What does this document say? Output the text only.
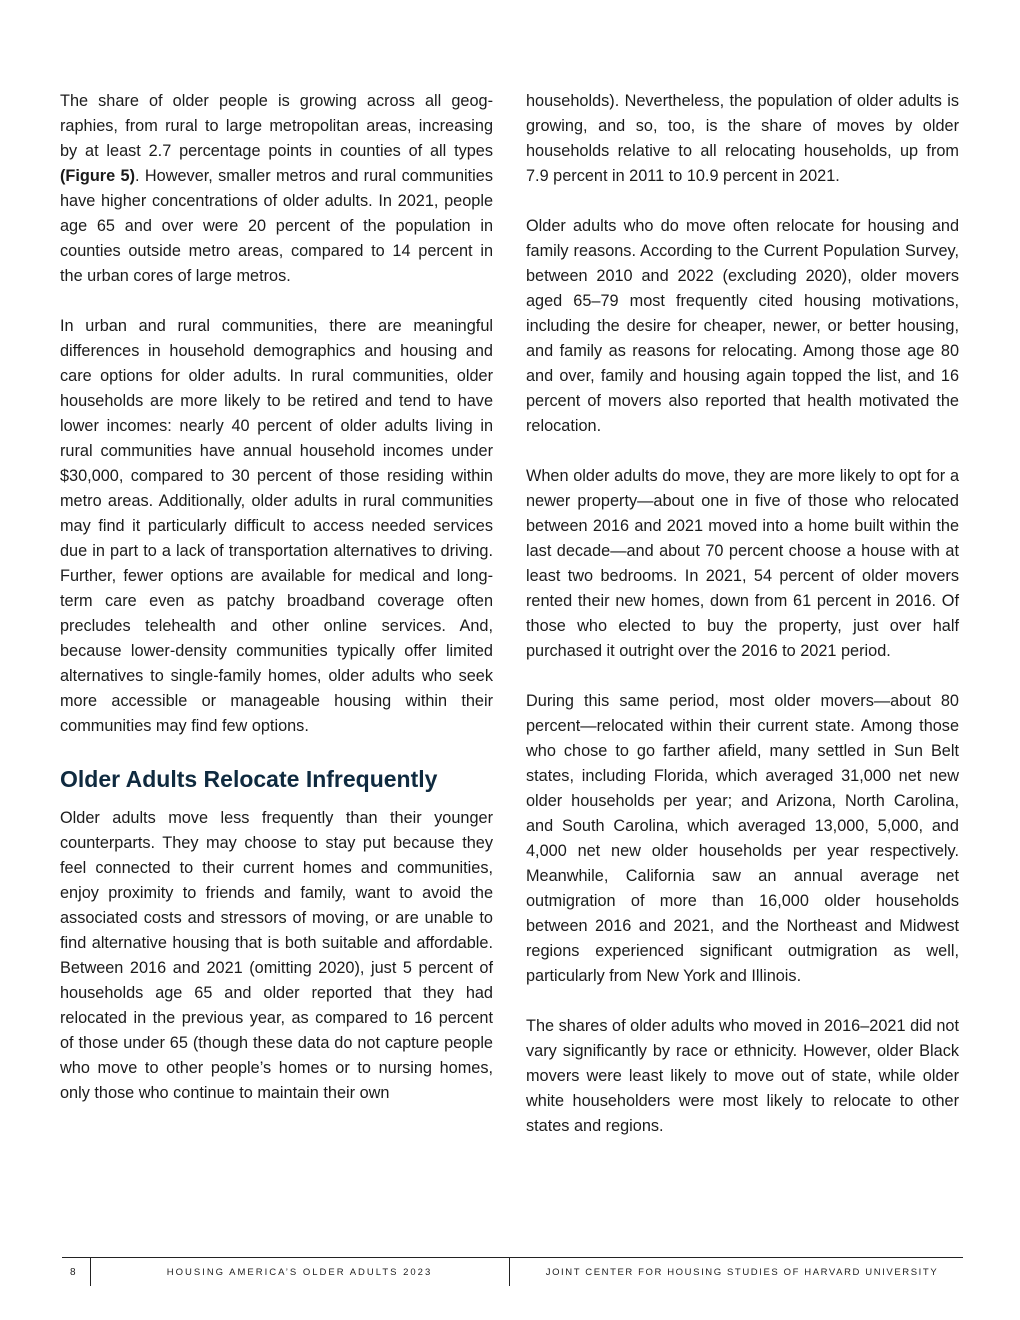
The share of older people is growing across all geographies, from rural to large metropolitan areas, increasing by at least 2.7 percentage points in counties of all types (Figure 5). However, smaller metros and rural communities have higher concentrations of older adults. In 2021, people age 65 and over were 20 percent of the population in counties outside metro areas, compared to 14 percent in the urban cores of large metros.

In urban and rural communities, there are meaningful differences in household demographics and housing and care options for older adults. In rural communities, older households are more likely to be retired and tend to have lower incomes: nearly 40 percent of older adults living in rural communities have annual household incomes under $30,000, compared to 30 percent of those residing within metro areas. Additionally, older adults in rural communities may find it particularly difficult to access needed services due in part to a lack of transportation alternatives to driving. Further, fewer options are available for medical and long-term care even as patchy broadband coverage often precludes telehealth and other online services. And, because lower-density communities typically offer limited alternatives to single-family homes, older adults who seek more accessible or manageable housing within their communities may find few options.

Older Adults Relocate Infrequently

Older adults move less frequently than their younger counterparts. They may choose to stay put because they feel connected to their current homes and communities, enjoy proximity to friends and family, want to avoid the associated costs and stressors of moving, or are unable to find alternative housing that is both suitable and affordable. Between 2016 and 2021 (omitting 2020), just 5 percent of households age 65 and older reported that they had relocated in the previous year, as compared to 16 percent of those under 65 (though these data do not capture people who move to other people’s homes or to nursing homes, only those who continue to maintain their own

households). Nevertheless, the population of older adults is growing, and so, too, is the share of moves by older households relative to all relocating households, up from 7.9 percent in 2011 to 10.9 percent in 2021.

Older adults who do move often relocate for housing and family reasons. According to the Current Population Survey, between 2010 and 2022 (excluding 2020), older movers aged 65–79 most frequently cited housing motivations, including the desire for cheaper, newer, or better housing, and family as reasons for relocating. Among those age 80 and over, family and housing again topped the list, and 16 percent of movers also reported that health motivated the relocation.

When older adults do move, they are more likely to opt for a newer property—about one in five of those who relocated between 2016 and 2021 moved into a home built within the last decade—and about 70 percent choose a house with at least two bedrooms. In 2021, 54 percent of older movers rented their new homes, down from 61 percent in 2016. Of those who elected to buy the property, just over half purchased it outright over the 2016 to 2021 period.

During this same period, most older movers—about 80 percent—relocated within their current state. Among those who chose to go farther afield, many settled in Sun Belt states, including Florida, which averaged 31,000 net new older households per year; and Arizona, North Carolina, and South Carolina, which averaged 13,000, 5,000, and 4,000 net new older households per year respectively. Meanwhile, California saw an annual average net outmigration of more than 16,000 older households between 2016 and 2021, and the Northeast and Midwest regions experienced significant outmigration as well, particularly from New York and Illinois.

The shares of older adults who moved in 2016–2021 did not vary significantly by race or ethnicity. However, older Black movers were least likely to move out of state, while older white householders were most likely to relocate to other states and regions.

8	HOUSING AMERICA’S OLDER ADULTS 2023	JOINT CENTER FOR HOUSING STUDIES OF HARVARD UNIVERSITY
